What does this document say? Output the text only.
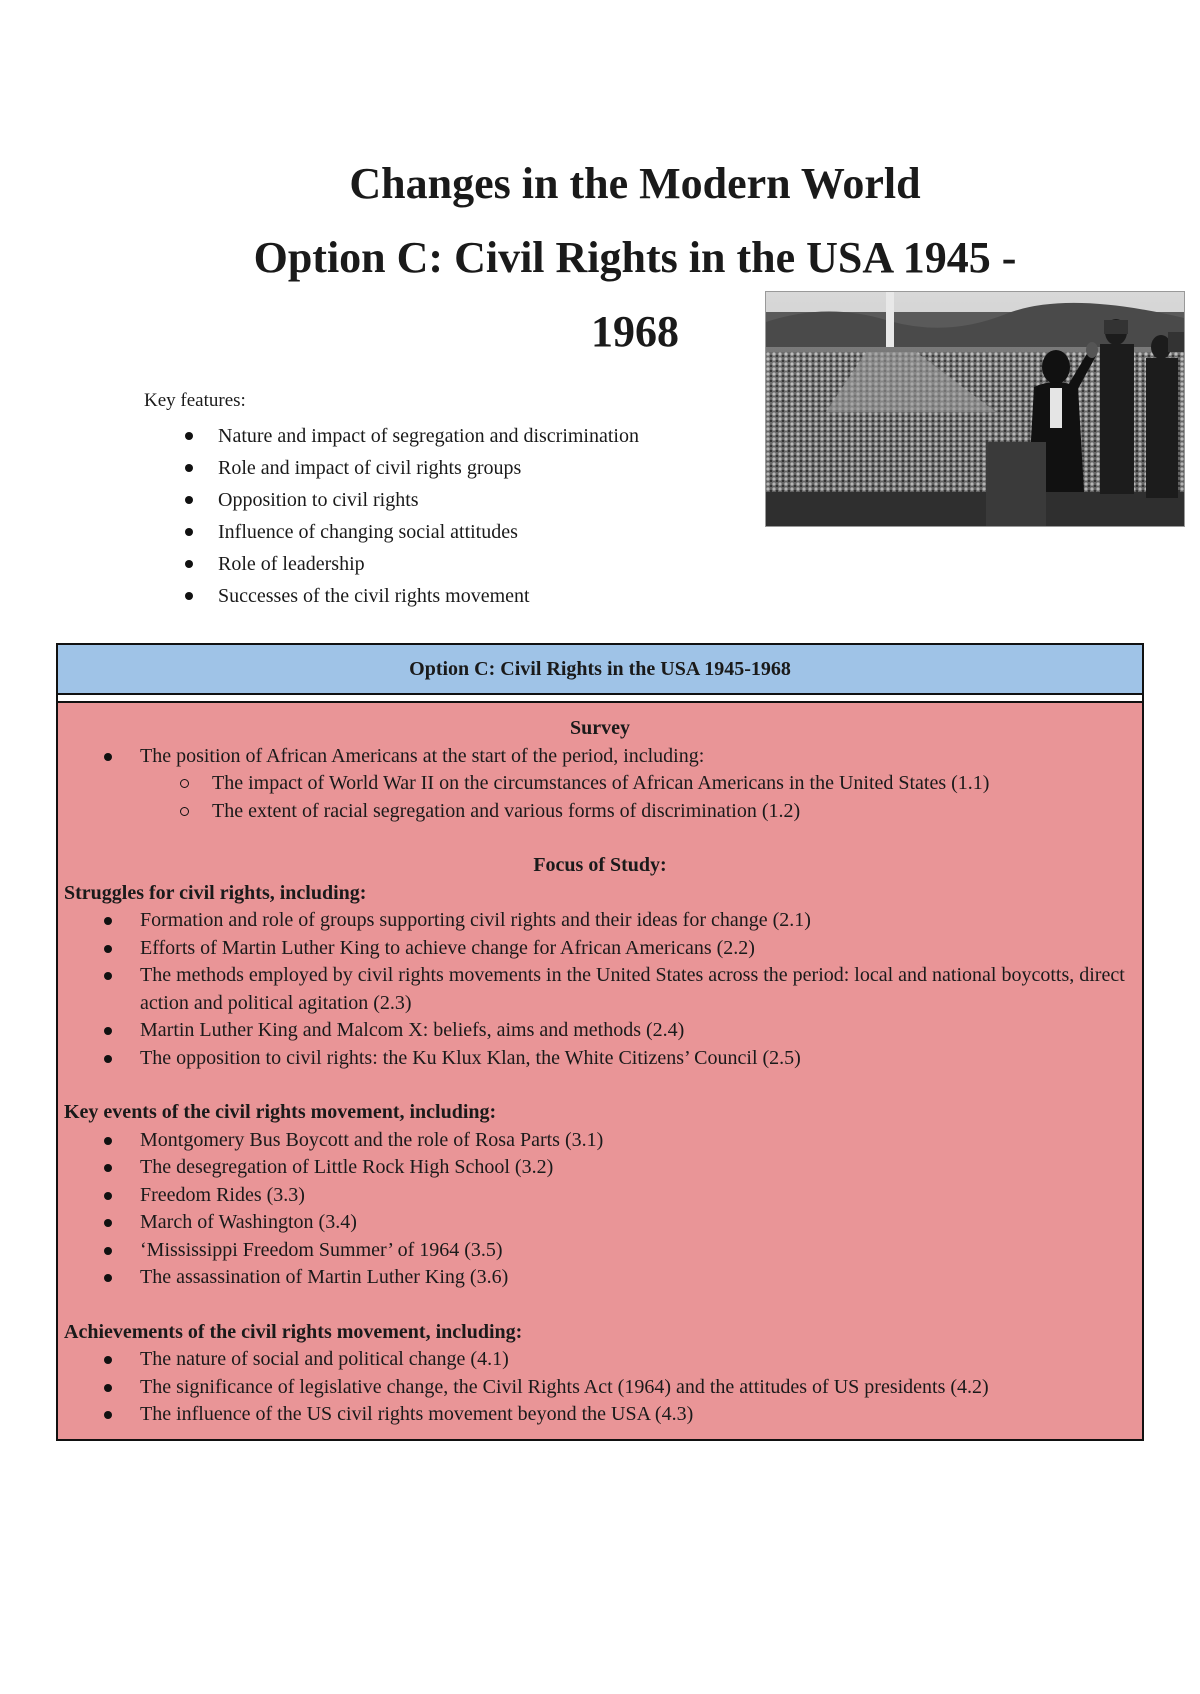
Changes in the Modern World
Option C: Civil Rights in the USA 1945 -
1968
Key features:
Nature and impact of segregation and discrimination
Role and impact of civil rights groups
Opposition to civil rights
Influence of changing social attitudes
Role of leadership
Successes of the civil rights movement
Option C: Civil Rights in the USA 1945-1968
Survey
The position of African Americans at the start of the period, including:
The impact of World War II on the circumstances of African Americans in the United States (1.1)
The extent of racial segregation and various forms of discrimination (1.2)
Focus of Study:
Struggles for civil rights, including:
Formation and role of groups supporting civil rights and their ideas for change (2.1)
Efforts of Martin Luther King to achieve change for African Americans (2.2)
The methods employed by civil rights movements in the United States across the period: local and national boycotts, direct action and political agitation (2.3)
Martin Luther King and Malcom X: beliefs, aims and methods (2.4)
The opposition to civil rights: the Ku Klux Klan, the White Citizens’ Council (2.5)
Key events of the civil rights movement, including:
Montgomery Bus Boycott and the role of Rosa Parts (3.1)
The desegregation of Little Rock High School (3.2)
Freedom Rides (3.3)
March of Washington (3.4)
‘Mississippi Freedom Summer’ of 1964 (3.5)
The assassination of Martin Luther King (3.6)
Achievements of the civil rights movement, including:
The nature of social and political change (4.1)
The significance of legislative change, the Civil Rights Act (1964) and the attitudes of US presidents (4.2)
The influence of the US civil rights movement beyond the USA (4.3)
